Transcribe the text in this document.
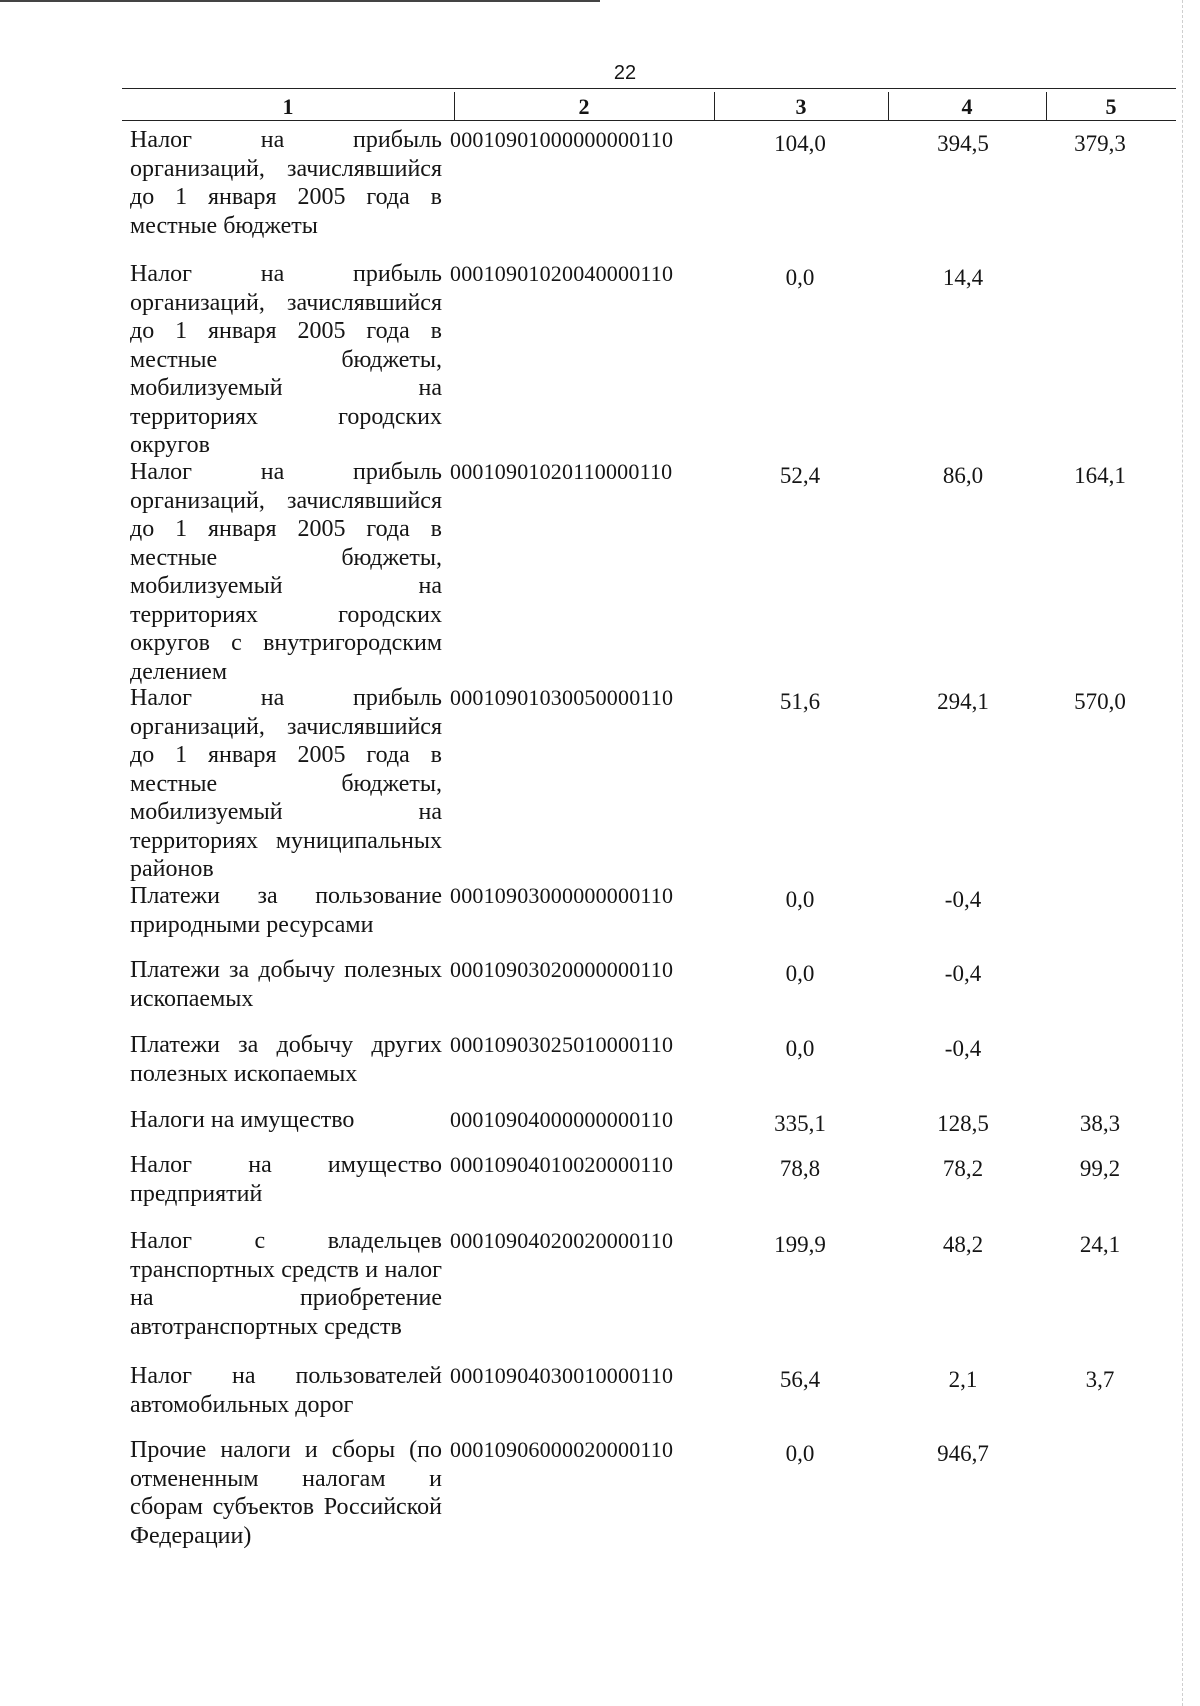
22
1	2	3	4	5
Налог на прибыль организаций, зачислявшийся до 1 января 2005 года в местные бюджеты
00010901000000000110	104,0	394,5	379,3
Налог на прибыль организаций, зачислявшийся до 1 января 2005 года в местные бюджеты, мобилизуемый на территориях городских округов
00010901020040000110	0,0	14,4
Налог на прибыль организаций, зачислявшийся до 1 января 2005 года в местные бюджеты, мобилизуемый на территориях городских округов с внутригородским делением
00010901020110000110	52,4	86,0	164,1
Налог на прибыль организаций, зачислявшийся до 1 января 2005 года в местные бюджеты, мобилизуемый на территориях муниципальных районов
00010901030050000110	51,6	294,1	570,0
Платежи за пользование природными ресурсами
00010903000000000110	0,0	-0,4
Платежи за добычу полезных ископаемых
00010903020000000110	0,0	-0,4
Платежи за добычу других полезных ископаемых
00010903025010000110	0,0	-0,4
Налоги на имущество	00010904000000000110	335,1	128,5	38,3
Налог на имущество предприятий
00010904010020000110	78,8	78,2	99,2
Налог с владельцев транспортных средств и налог на приобретение автотранспортных средств
00010904020020000110	199,9	48,2	24,1
Налог на пользователей автомобильных дорог
00010904030010000110	56,4	2,1	3,7
Прочие налоги и сборы (по отмененным налогам и сборам субъектов Российской Федерации)
00010906000020000110	0,0	946,7
